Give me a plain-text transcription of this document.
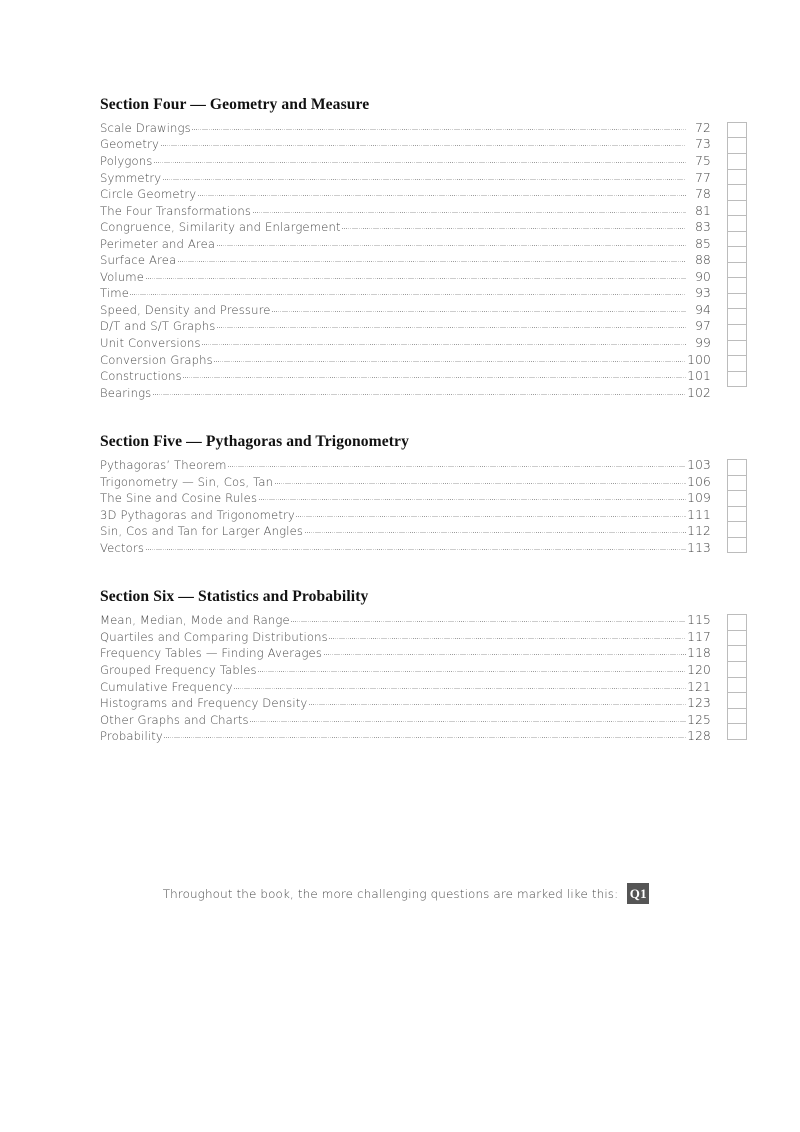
Section Four — Geometry and Measure
Scale Drawings	72
Geometry	73
Polygons	75
Symmetry	77
Circle Geometry	78
The Four Transformations	81
Congruence, Similarity and Enlargement	83
Perimeter and Area	85
Surface Area	88
Volume	90
Time	93
Speed, Density and Pressure	94
D/T and S/T Graphs	97
Unit Conversions	99
Conversion Graphs	100
Constructions	101
Bearings	102
Section Five — Pythagoras and Trigonometry
Pythagoras’ Theorem	103
Trigonometry — Sin, Cos, Tan	106
The Sine and Cosine Rules	109
3D Pythagoras and Trigonometry	111
Sin, Cos and Tan for Larger Angles	112
Vectors	113
Section Six — Statistics and Probability
Mean, Median, Mode and Range	115
Quartiles and Comparing Distributions	117
Frequency Tables — Finding Averages	118
Grouped Frequency Tables	120
Cumulative Frequency	121
Histograms and Frequency Density	123
Other Graphs and Charts	125
Probability	128
Throughout the book, the more challenging questions are marked like this: Q1
